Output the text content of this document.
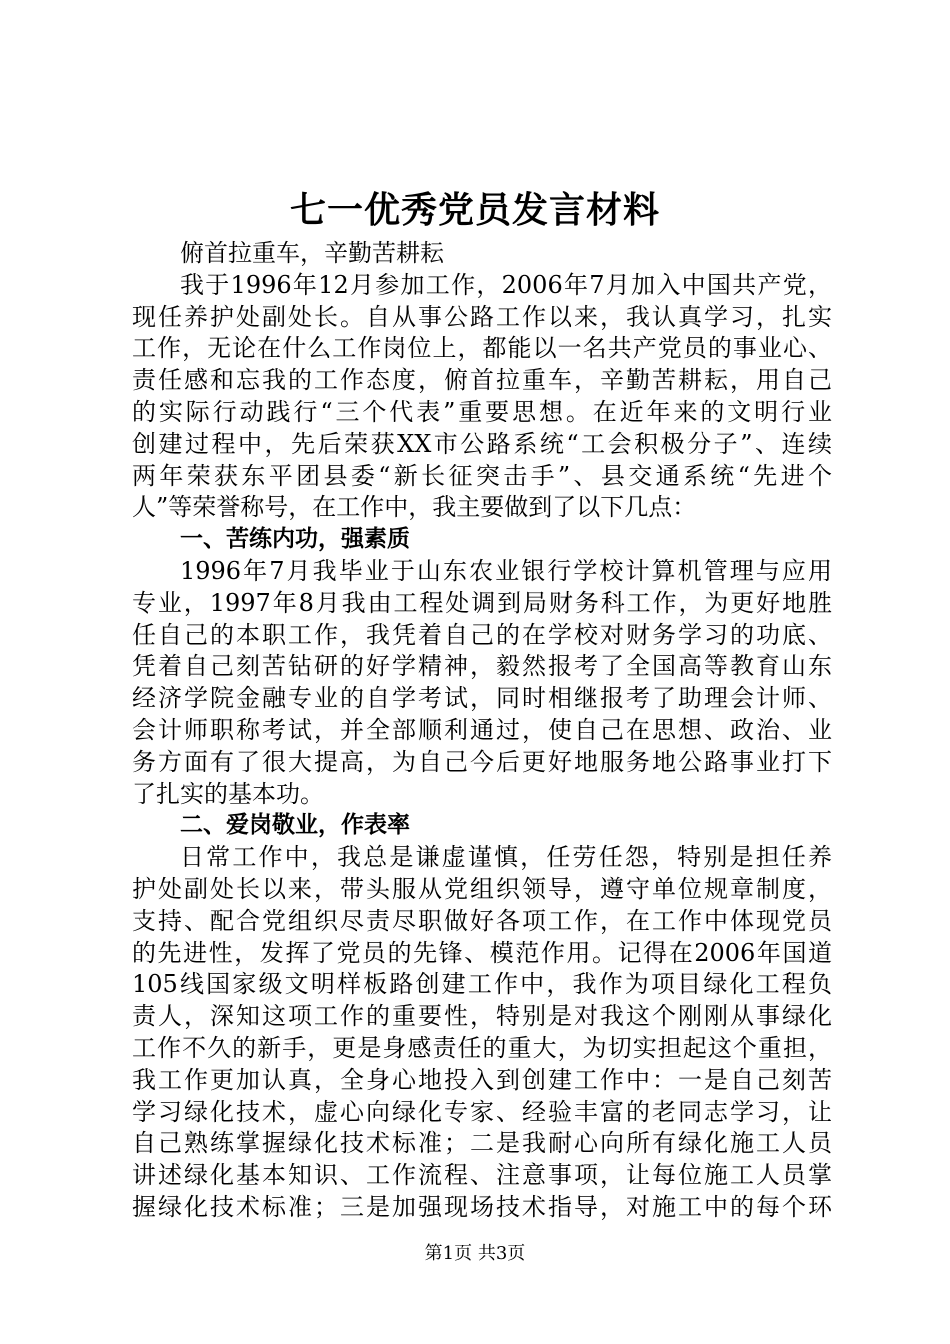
七一优秀党员发言材料
俯首拉重车，辛勤苦耕耘
我于1996年12月参加工作，2006年7月加入中国共产党，
现任养护处副处长。自从事公路工作以来，我认真学习，扎实
工作，无论在什么工作岗位上，都能以一名共产党员的事业心、
责任感和忘我的工作态度，俯首拉重车，辛勤苦耕耘，用自己
的实际行动践行“三个代表”重要思想。在近年来的文明行业
创建过程中，先后荣获XX市公路系统“工会积极分子”、连续
两年荣获东平团县委“新长征突击手”、县交通系统“先进个
人”等荣誉称号，在工作中，我主要做到了以下几点：
一、苦练内功，强素质
1996年7月我毕业于山东农业银行学校计算机管理与应用
专业，1997年8月我由工程处调到局财务科工作，为更好地胜
任自己的本职工作，我凭着自己的在学校对财务学习的功底、
凭着自己刻苦钻研的好学精神，毅然报考了全国高等教育山东
经济学院金融专业的自学考试，同时相继报考了助理会计师、
会计师职称考试，并全部顺利通过，使自己在思想、政治、业
务方面有了很大提高，为自己今后更好地服务地公路事业打下
了扎实的基本功。
二、爱岗敬业，作表率
日常工作中，我总是谦虚谨慎，任劳任怨，特别是担任养
护处副处长以来，带头服从党组织领导，遵守单位规章制度，
支持、配合党组织尽责尽职做好各项工作，在工作中体现党员
的先进性，发挥了党员的先锋、模范作用。记得在2006年国道
105线国家级文明样板路创建工作中，我作为项目绿化工程负
责人，深知这项工作的重要性，特别是对我这个刚刚从事绿化
工作不久的新手，更是身感责任的重大，为切实担起这个重担，
我工作更加认真，全身心地投入到创建工作中：一是自己刻苦
学习绿化技术，虚心向绿化专家、经验丰富的老同志学习，让
自己熟练掌握绿化技术标准；二是我耐心向所有绿化施工人员
讲述绿化基本知识、工作流程、注意事项，让每位施工人员掌
握绿化技术标准；三是加强现场技术指导，对施工中的每个环
第1页 共3页
